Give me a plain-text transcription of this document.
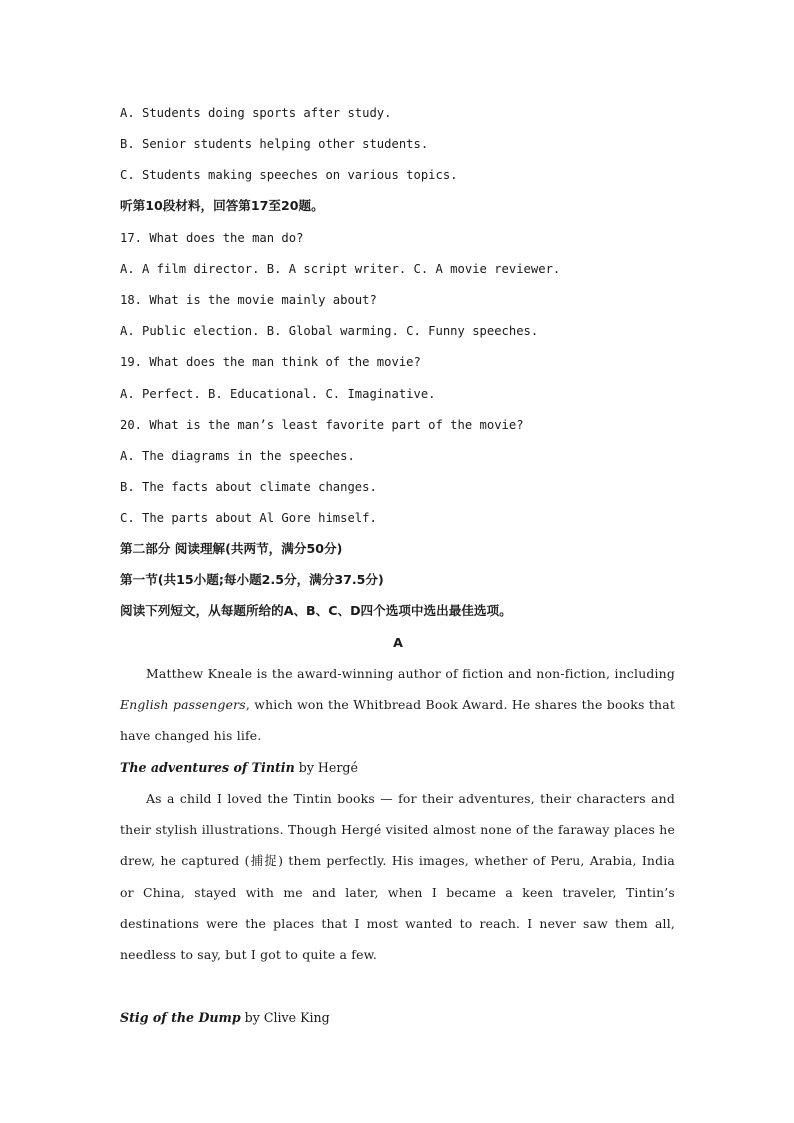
A. Students doing sports after study.
B. Senior students helping other students.
C. Students making speeches on various topics.
听第10段材料，回答第17至20题。
17. What does the man do?
A. A film director. B. A script writer. C. A movie reviewer.
18. What is the movie mainly about?
A. Public election. B. Global warming. C. Funny speeches.
19. What does the man think of the movie?
A. Perfect. B. Educational. C. Imaginative.
20. What is the man’s least favorite part of the movie?
A. The diagrams in the speeches.
B. The facts about climate changes.
C. The parts about Al Gore himself.
第二部分 阅读理解(共两节，满分50分)
第一节(共15小题;每小题2.5分，满分37.5分)
阅读下列短文，从每题所给的A、B、C、D四个选项中选出最佳选项。
A
Matthew Kneale is the award-winning author of fiction and non-fiction, including English passengers, which won the Whitbread Book Award. He shares the books that have changed his life.
The adventures of Tintin by Hergé
As a child I loved the Tintin books — for their adventures, their characters and their stylish illustrations. Though Hergé visited almost none of the faraway places he drew, he captured (捕捉) them perfectly. His images, whether of Peru, Arabia, India or China, stayed with me and later, when I became a keen traveler, Tintin’s destinations were the places that I most wanted to reach. I never saw them all, needless to say, but I got to quite a few.
Stig of the Dump by Clive King
